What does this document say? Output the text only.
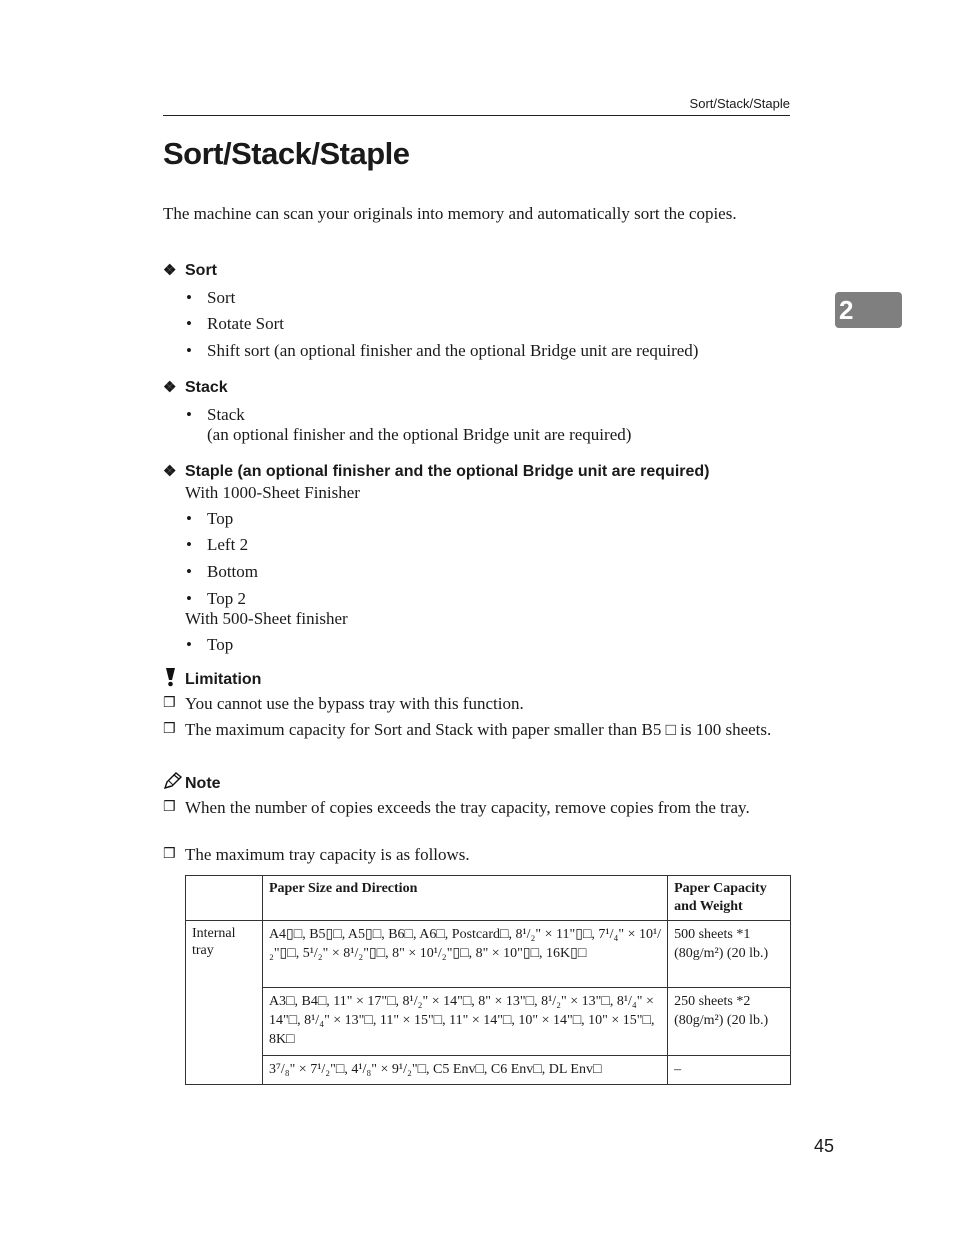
Sort/Stack/Staple
Sort/Stack/Staple
2
The machine can scan your originals into memory and automatically sort the copies.
❖ Sort
• Sort
• Rotate Sort
• Shift sort (an optional finisher and the optional Bridge unit are required)
❖ Stack
• Stack
(an optional finisher and the optional Bridge unit are required)
❖ Staple (an optional finisher and the optional Bridge unit are required)
With 1000-Sheet Finisher
• Top
• Left 2
• Bottom
• Top 2
With 500-Sheet finisher
• Top
Limitation
❒ You cannot use the bypass tray with this function.
❒ The maximum capacity for Sort and Stack with paper smaller than B5 □ is 100 sheets.
Note
❒ When the number of copies exceeds the tray capacity, remove copies from the tray.
❒ The maximum tray capacity is as follows.
	Paper Size and Direction	Paper Capacity and Weight
Internal tray	A4▯□, B5▯□, A5▯□, B6□, A6□, Postcard□, 8¹/₂" × 11"▯□, 7¹/₄" × 10¹/₂"▯□, 5¹/₂" × 8¹/₂"▯□, 8" × 10¹/₂"▯□, 8" × 10"▯□, 16K▯□	500 sheets *1
(80g/m²) (20 lb.)

	A3□, B4□, 11" × 17"□, 8¹/₂" × 14"□, 8" × 13"□, 8¹/₂" × 13"□, 8¹/₄" × 14"□, 8¹/₄" × 13"□, 11" × 15"□, 11" × 14"□, 10" × 14"□, 10" × 15"□, 8K□	250 sheets *2
(80g/m²) (20 lb.)

	3⁷/₈" × 7¹/₂"□, 4¹/₈" × 9¹/₂"□, C5 Env□, C6 Env□, DL Env□	–
45
